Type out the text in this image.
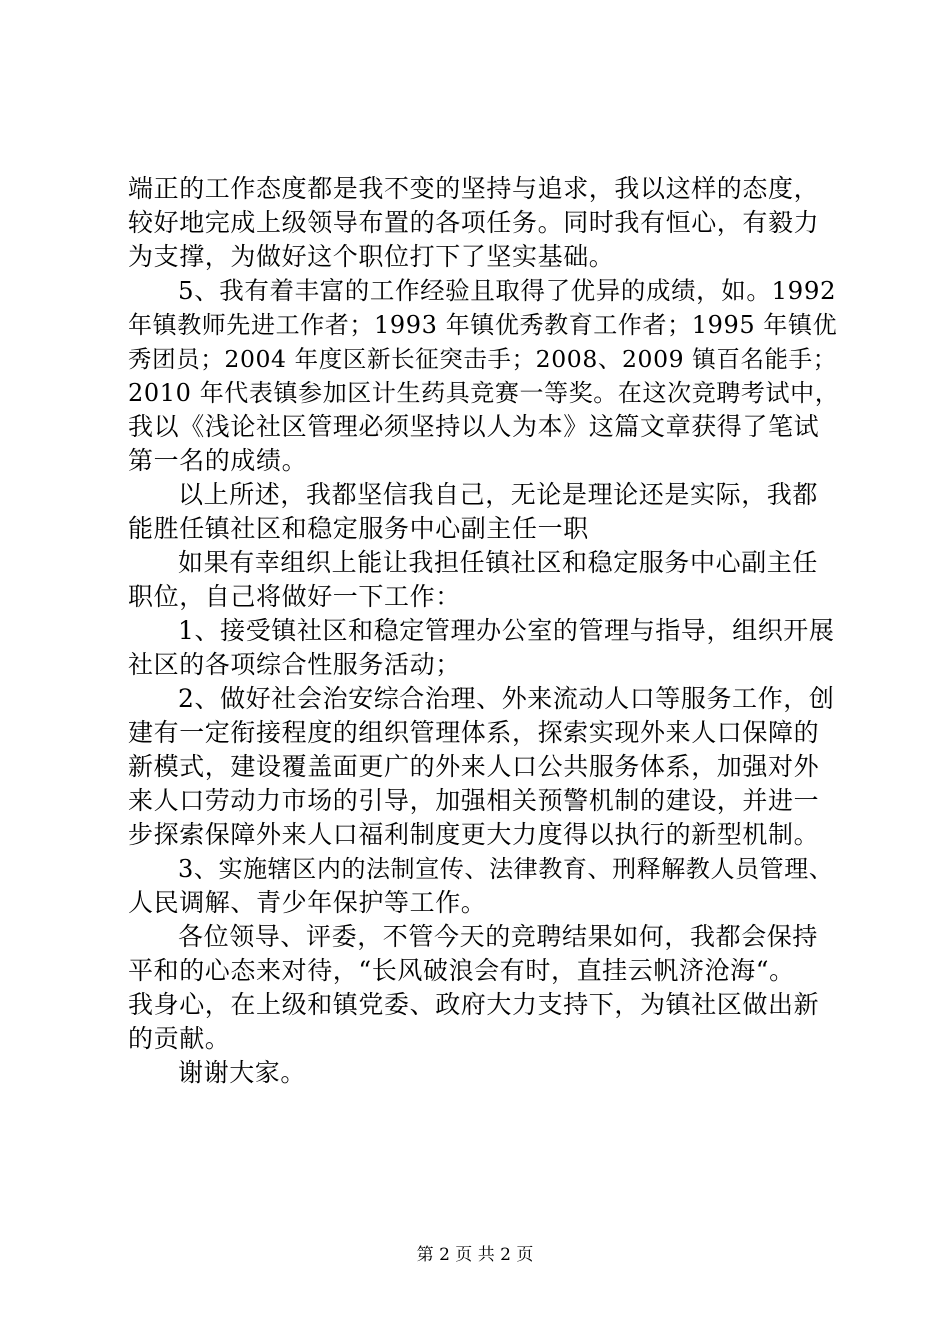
端正的工作态度都是我不变的坚持与追求，我以这样的态度，
较好地完成上级领导布置的各项任务。同时我有恒心，有毅力
为支撑，为做好这个职位打下了坚实基础。
5、我有着丰富的工作经验且取得了优异的成绩，如。1992
年镇教师先进工作者；1993 年镇优秀教育工作者；1995 年镇优
秀团员；2004 年度区新长征突击手；2008、2009 镇百名能手；
2010 年代表镇参加区计生药具竞赛一等奖。在这次竞聘考试中，
我以《浅论社区管理必须坚持以人为本》这篇文章获得了笔试
第一名的成绩。
以上所述，我都坚信我自己，无论是理论还是实际，我都
能胜任镇社区和稳定服务中心副主任一职
如果有幸组织上能让我担任镇社区和稳定服务中心副主任
职位，自己将做好一下工作：
1、接受镇社区和稳定管理办公室的管理与指导，组织开展
社区的各项综合性服务活动；
2、做好社会治安综合治理、外来流动人口等服务工作，创
建有一定衔接程度的组织管理体系，探索实现外来人口保障的
新模式，建设覆盖面更广的外来人口公共服务体系，加强对外
来人口劳动力市场的引导，加强相关预警机制的建设，并进一
步探索保障外来人口福利制度更大力度得以执行的新型机制。
3、实施辖区内的法制宣传、法律教育、刑释解教人员管理、
人民调解、青少年保护等工作。
各位领导、评委，不管今天的竞聘结果如何，我都会保持
平和的心态来对待，“长风破浪会有时，直挂云帆济沧海“。
我身心，在上级和镇党委、政府大力支持下，为镇社区做出新
的贡献。
谢谢大家。
第 2 页 共 2 页
